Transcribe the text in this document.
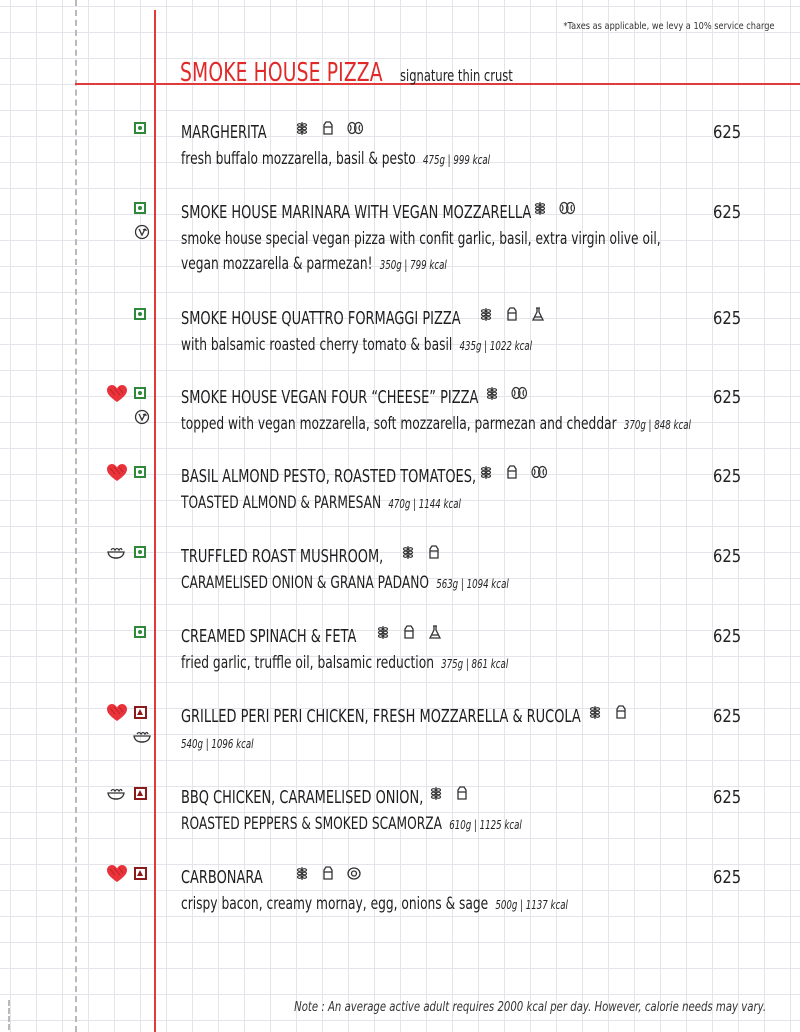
*Taxes as applicable, we levy a 10% service charge
SMOKE HOUSE PIZZA signature thin crust
MARGHERITA
fresh buffalo mozzarella, basil & pesto 475g | 999 kcal
625
SMOKE HOUSE MARINARA WITH VEGAN MOZZARELLA
smoke house special vegan pizza with confit garlic, basil, extra virgin olive oil,
vegan mozzarella & parmezan! 350g | 799 kcal
625
SMOKE HOUSE QUATTRO FORMAGGI PIZZA
with balsamic roasted cherry tomato & basil 435g | 1022 kcal
625
SMOKE HOUSE VEGAN FOUR “CHEESE” PIZZA
topped with vegan mozzarella, soft mozzarella, parmezan and cheddar 370g | 848 kcal
625
BASIL ALMOND PESTO, ROASTED TOMATOES,
TOASTED ALMOND & PARMESAN 470g | 1144 kcal
625
TRUFFLED ROAST MUSHROOM,
CARAMELISED ONION & GRANA PADANO 563g | 1094 kcal
625
CREAMED SPINACH & FETA
fried garlic, truffle oil, balsamic reduction 375g | 861 kcal
625
GRILLED PERI PERI CHICKEN, FRESH MOZZARELLA & RUCOLA
540g | 1096 kcal
625
BBQ CHICKEN, CARAMELISED ONION,
ROASTED PEPPERS & SMOKED SCAMORZA 610g | 1125 kcal
625
CARBONARA
crispy bacon, creamy mornay, egg, onions & sage 500g | 1137 kcal
625
Note : An average active adult requires 2000 kcal per day. However, calorie needs may vary.
